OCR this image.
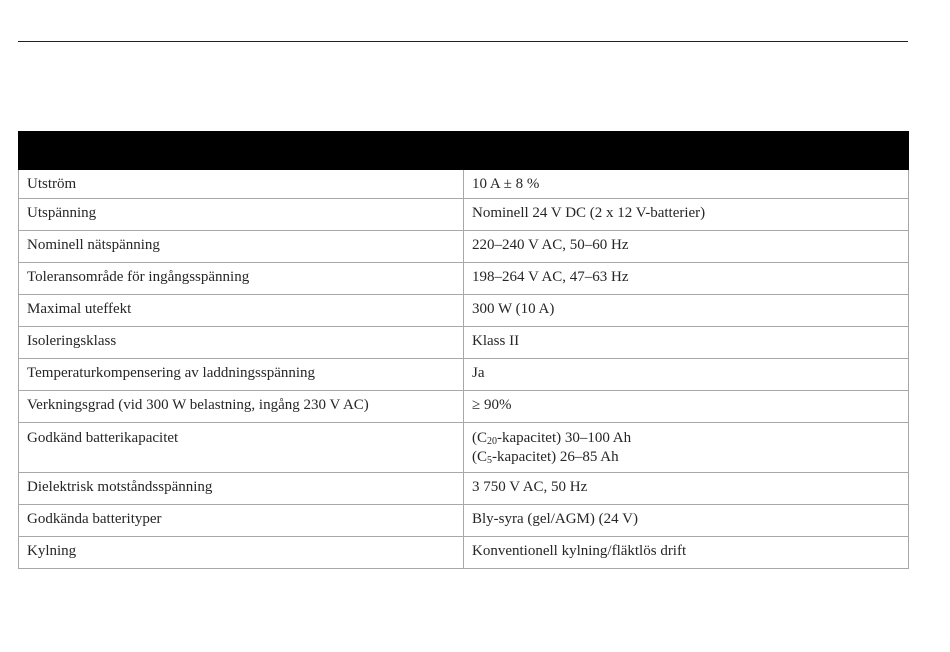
Utström	10 A ± 8 %
Utspänning	Nominell 24 V DC (2 x 12 V-batterier)
Nominell nätspänning	220–240 V AC, 50–60 Hz
Toleransområde för ingångsspänning	198–264 V AC, 47–63 Hz
Maximal uteffekt	300 W (10 A)
Isoleringsklass	Klass II
Temperaturkompensering av laddningsspänning	Ja
Verkningsgrad (vid 300 W belastning, ingång 230 V AC)	≥ 90%
Godkänd batterikapacitet	$(C_{20}-kapacitet)$ 30–100 Ah
$(C_5-kapacitet)$ 26–85 Ah

Dielektrisk motståndsspänning	3 750 V AC, 50 Hz
Godkända batterityper	Bly-syra (gel/AGM) (24 V)
Kylning	Konventionell kylning/fläktlös drift
